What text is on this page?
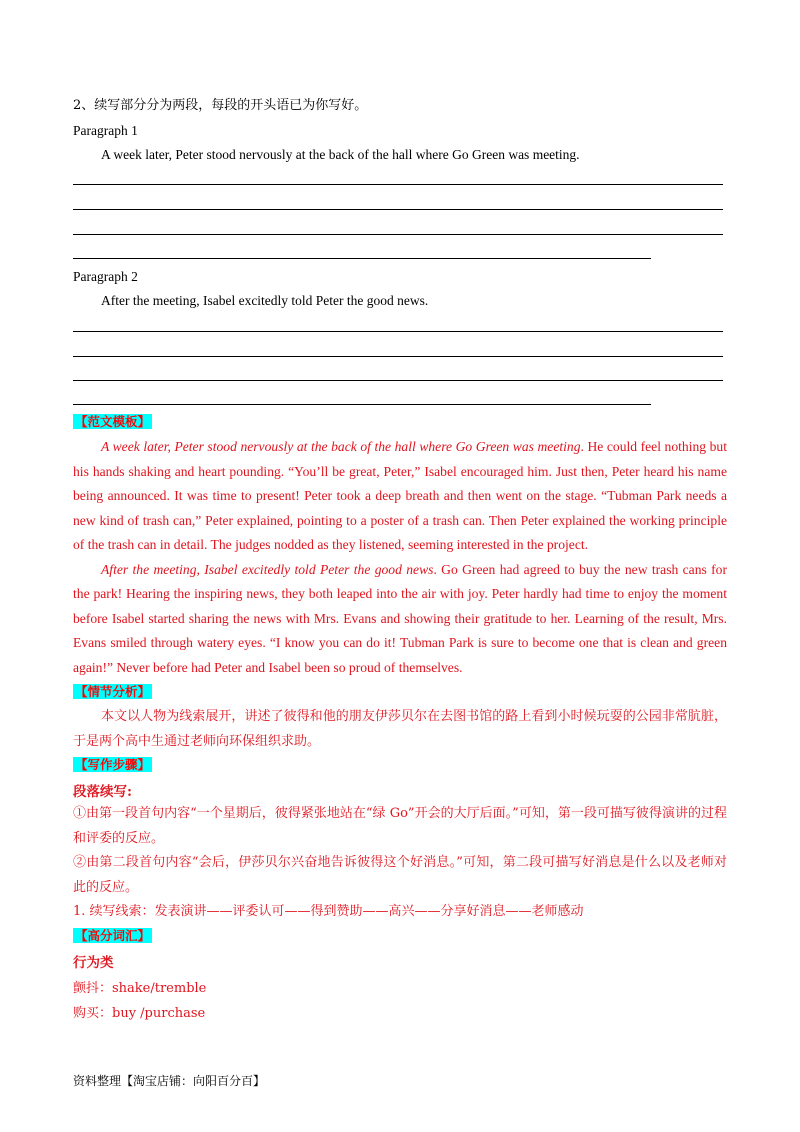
2、续写部分分为两段，每段的开头语已为你写好。
Paragraph 1
A week later, Peter stood nervously at the back of the hall where Go Green was meeting.
Paragraph 2
After the meeting, Isabel excitedly told Peter the good news.
【范文模板】

A week later, Peter stood nervously at the back of the hall where Go Green was meeting. He could feel nothing but his hands shaking and heart pounding. “You’ll be great, Peter,” Isabel encouraged him. Just then, Peter heard his name being announced. It was time to present! Peter took a deep breath and then went on the stage. “Tubman Park needs a new kind of trash can,” Peter explained, pointing to a poster of a trash can. Then Peter explained the working principle of the trash can in detail. The judges nodded as they listened, seeming interested in the project.

After the meeting, Isabel excitedly told Peter the good news. Go Green had agreed to buy the new trash cans for the park! Hearing the inspiring news, they both leaped into the air with joy. Peter hardly had time to enjoy the moment before Isabel started sharing the news with Mrs. Evans and showing their gratitude to her. Learning of the result, Mrs. Evans smiled through watery eyes. “I know you can do it! Tubman Park is sure to become one that is clean and green again!” Never before had Peter and Isabel been so proud of themselves.

【情节分析】
本文以人物为线索展开，讲述了彼得和他的朋友伊莎贝尔在去图书馆的路上看到小时候玩耍的公园非常肮脏，于是两个高中生通过老师向环保组织求助。
【写作步骤】
段落续写:
①由第一段首句内容“一个星期后，彼得紧张地站在“绿 Go”开会的大厅后面。”可知，第一段可描写彼得演讲的过程和评委的反应。
②由第二段首句内容“会后，伊莎贝尔兴奋地告诉彼得这个好消息。”可知，第二段可描写好消息是什么以及老师对此的反应。
1. 续写线索：发表演讲——评委认可——得到赞助——高兴——分享好消息——老师感动
【高分词汇】
行为类
颤抖：shake/tremble
购买：buy /purchase
资料整理【淘宝店铺：向阳百分百】
